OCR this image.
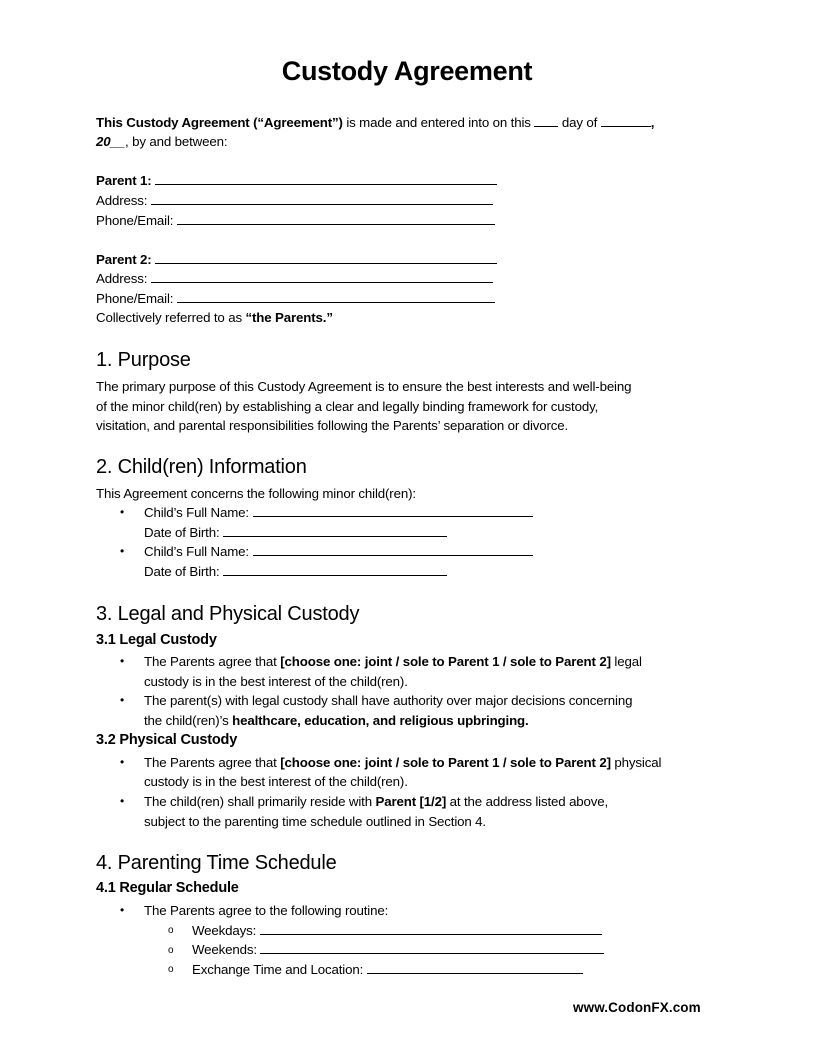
Custody Agreement
This Custody Agreement (“Agreement”) is made and entered into on this  day of	,
20__, by and between:
Parent 1:
Address:
Phone/Email:
Parent 2:
Address:
Phone/Email:
Collectively referred to as “the Parents.”
1. Purpose
The primary purpose of this Custody Agreement is to ensure the best interests and well-being
of the minor child(ren) by establishing a clear and legally binding framework for custody,
visitation, and parental responsibilities following the Parents’ separation or divorce.
2. Child(ren) Information
This Agreement concerns the following minor child(ren):
• Child’s Full Name:
Date of Birth:
• Child’s Full Name:
Date of Birth:
3. Legal and Physical Custody
3.1 Legal Custody
• The Parents agree that [choose one: joint / sole to Parent 1 / sole to Parent 2] legal
custody is in the best interest of the child(ren).
• The parent(s) with legal custody shall have authority over major decisions concerning
the child(ren)’s healthcare, education, and religious upbringing.
3.2 Physical Custody
• The Parents agree that [choose one: joint / sole to Parent 1 / sole to Parent 2] physical
custody is in the best interest of the child(ren).
• The child(ren) shall primarily reside with Parent [1/2] at the address listed above,
subject to the parenting time schedule outlined in Section 4.
4. Parenting Time Schedule
4.1 Regular Schedule
• The Parents agree to the following routine:
o Weekdays:
o Weekends:
o Exchange Time and Location:
www.CodonFX.com
